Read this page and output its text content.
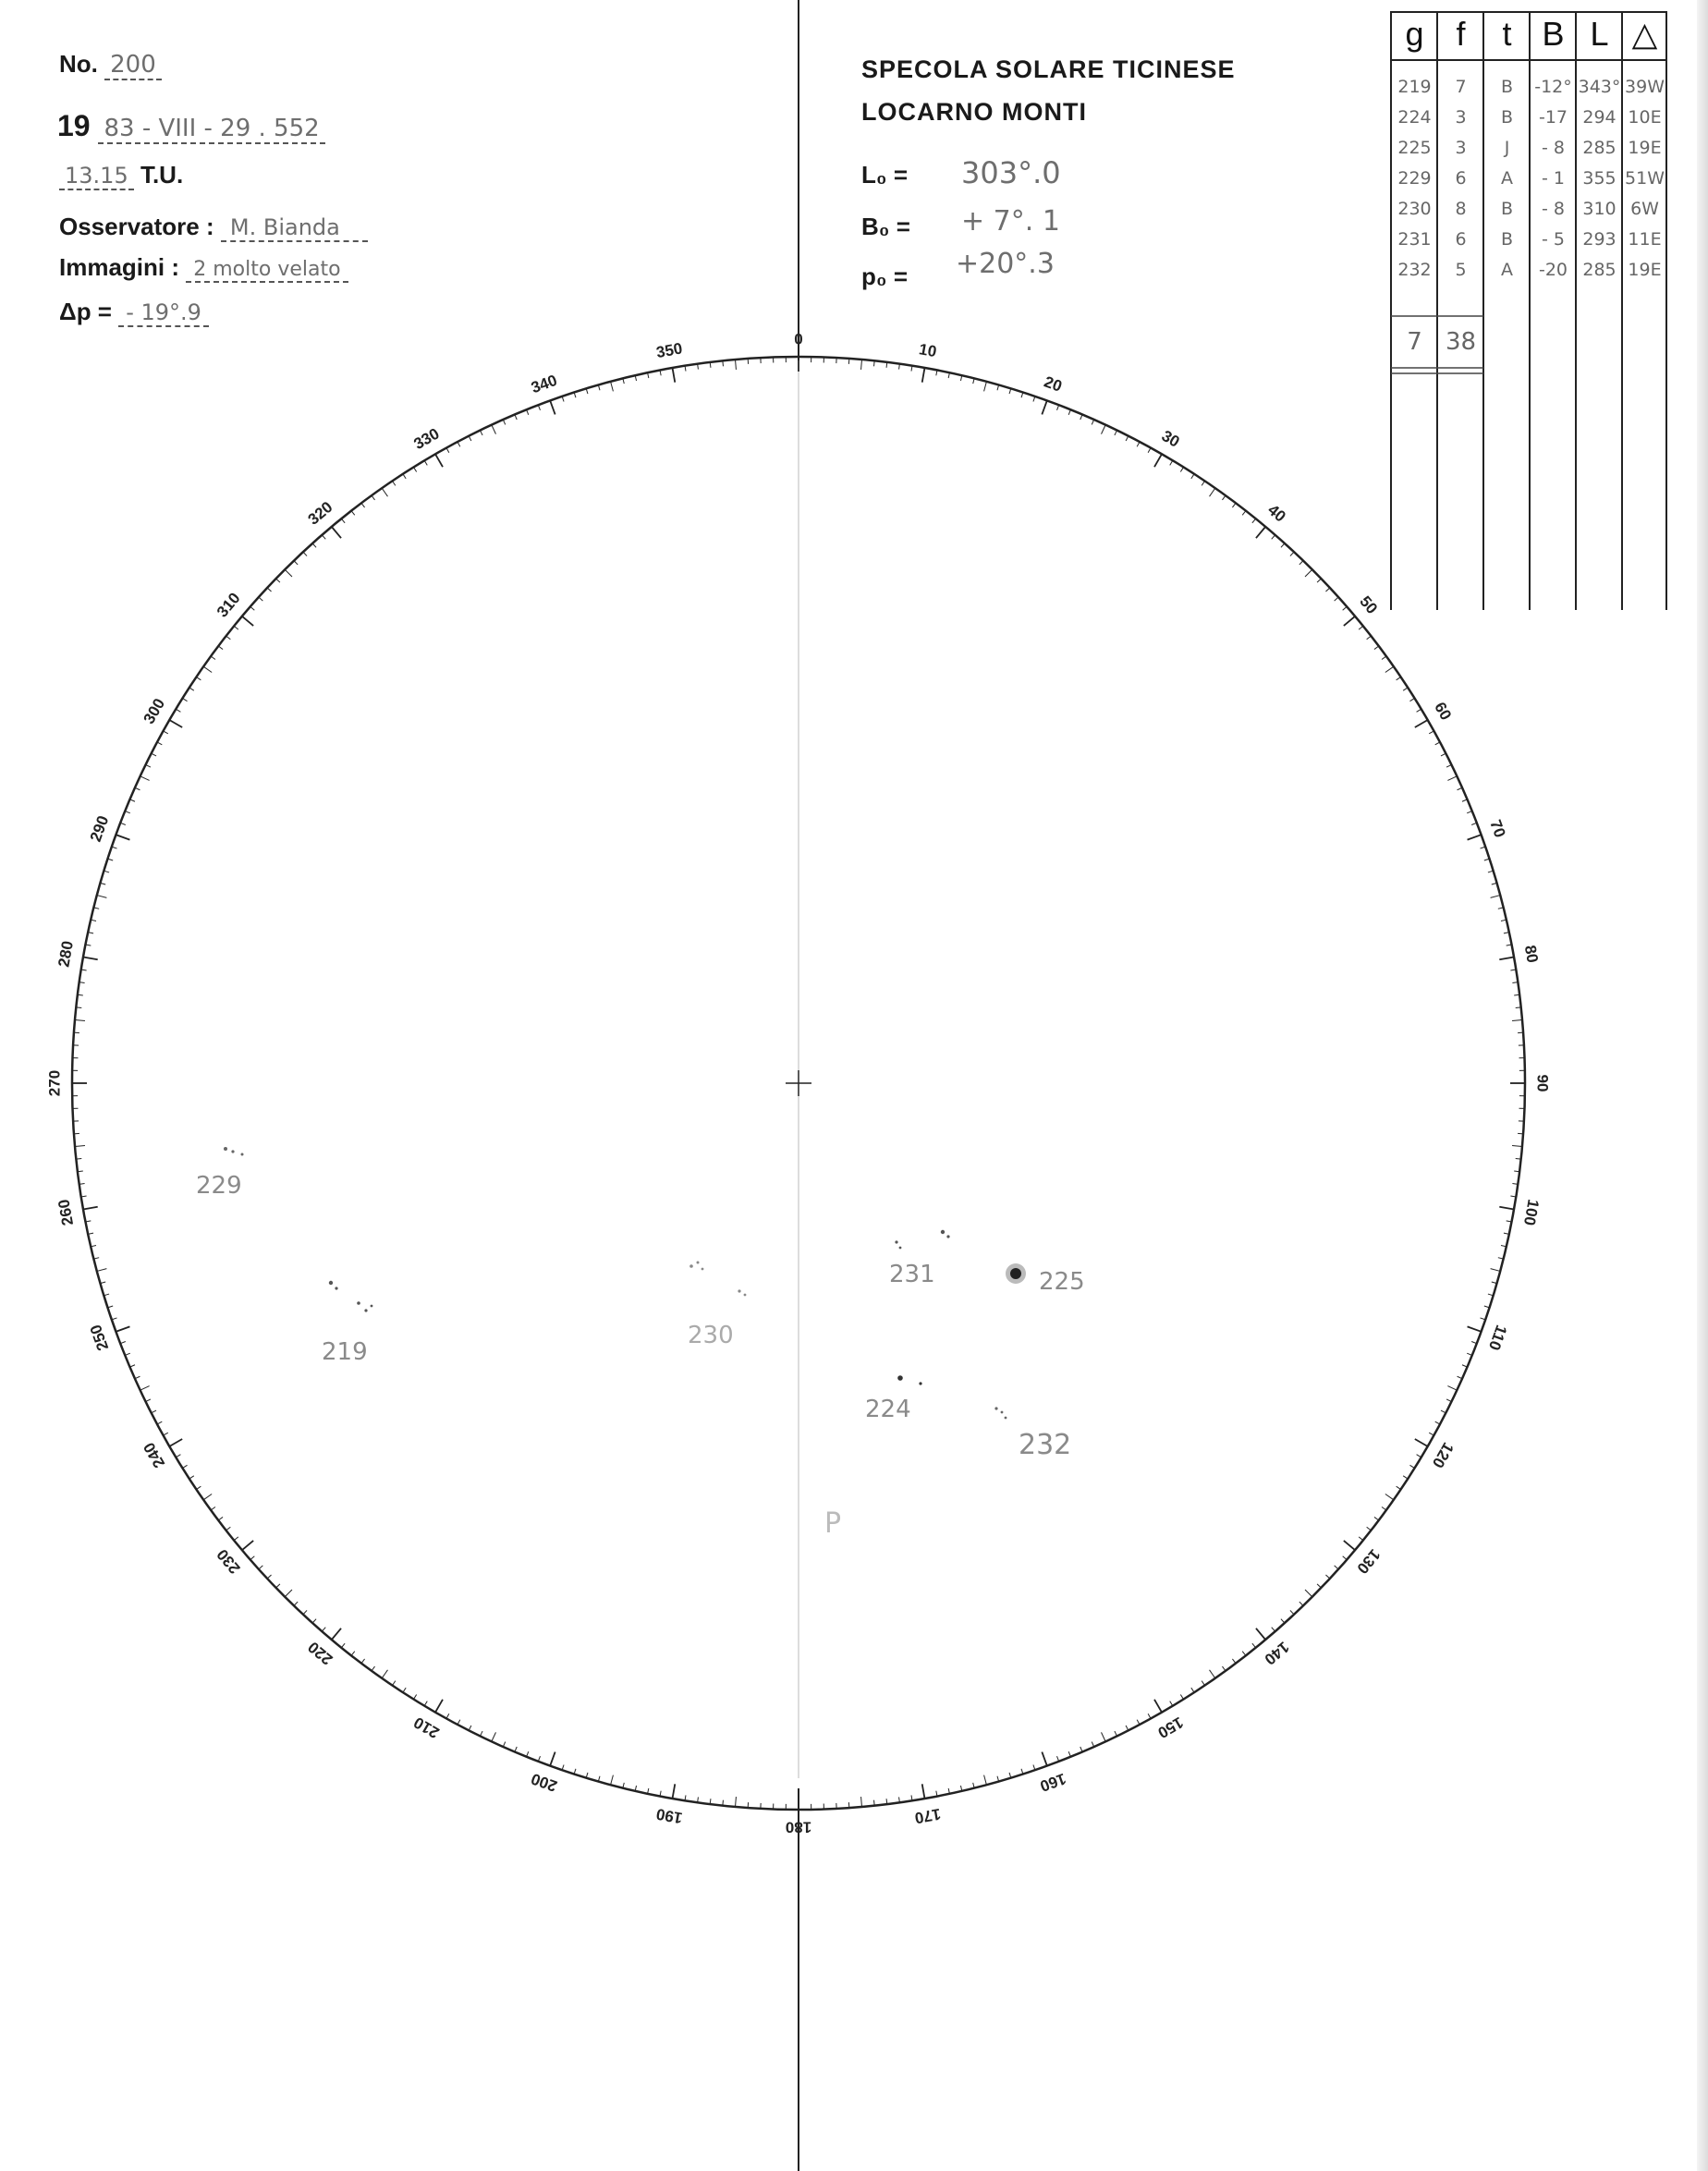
No. 200
19 83 - VIII - 29 . 552
13.15 T.U.
Osservatore : M. Bianda
Immagini : 2 molto velato
Δp = - 19°.9
SPECOLA SOLARE TICINESE
LOCARNO MONTI
L₀ = 303°.0
B₀ = + 7°. 1
p₀ = +20°.3
g f	t B L △
219	7	B	-12° 343° 39W
224	3	B	-17 294 10E
225	3	J	- 8	285 19E
229	6	A	- 1	355 51W
230	8	B	- 8	310 6W
231	6	B	- 5	293 11E
232	5	A	-20 285 19E
7 38
0
10
20
30
40
50
60
70
80
90
100
110
120
130
140
150
160
170
180
190
200
210
220
230
240
250
260
270
280
290
300
310
320
330
340
350
P
229
219
230
231	225
224
232
